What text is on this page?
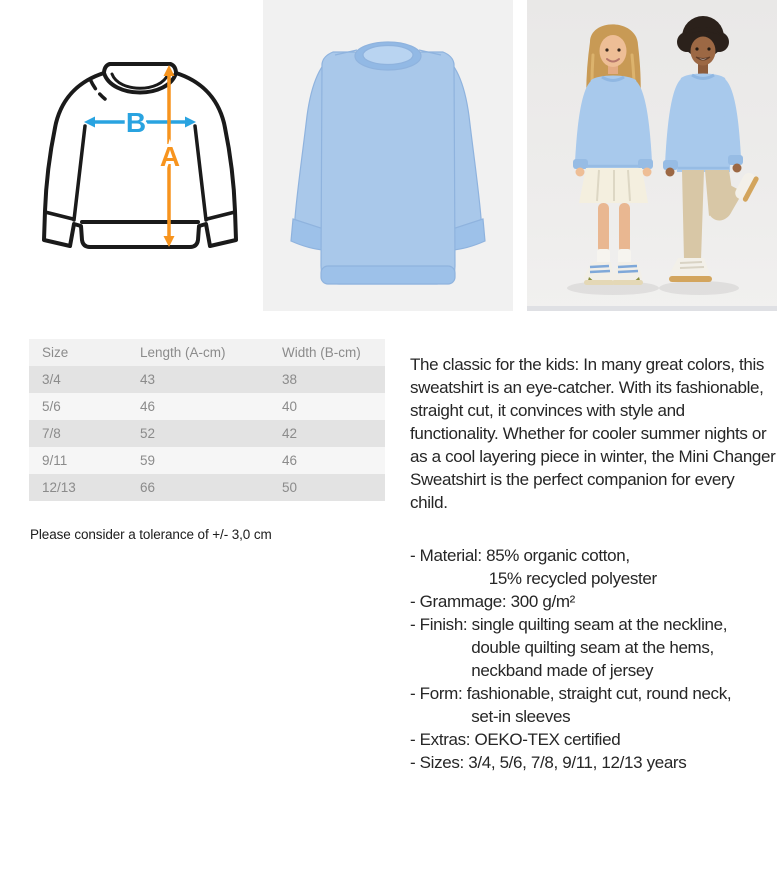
B
A
Size	Length (A-cm)	Width (B-cm)
3/4	43	38
5/6	46	40
7/8	52	42
9/11	59	46
12/13	66	50
Please consider a tolerance of +/- 3,0 cm

The classic for the kids: In many great colors, this sweatshirt is an eye-catcher. With its fashionable, straight cut, it convinces with style and functionality. Whether for cooler summer nights or as a cool layering piece in winter, the Mini Changer Sweatshirt is the perfect companion for every child.

- Material: 85% organic cotton,
15% recycled polyester
- Grammage: 300 g/m²
- Finish: single quilting seam at the neckline,
double quilting seam at the hems,
neckband made of jersey
- Form: fashionable, straight cut, round neck,
set-in sleeves
- Extras: OEKO-TEX certified
- Sizes: 3/4, 5/6, 7/8, 9/11, 12/13 years
